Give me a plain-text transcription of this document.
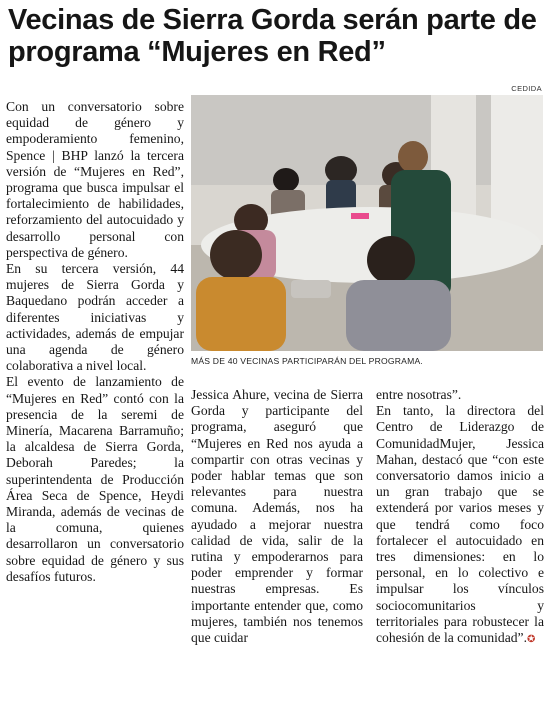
Vecinas de Sierra Gorda serán parte de programa “Mujeres en Red”
CEDIDA

Con un conversatorio sobre equidad de género y empoderamiento femenino, Spence | BHP lanzó la tercera versión de “Mujeres en Red”, programa que busca impulsar el fortalecimiento de habilidades, reforzamiento del autocuidado y desarrollo personal con perspectiva de género.

En su tercera versión, 44 mujeres de Sierra Gorda y Baquedano podrán acceder a diferentes iniciativas y actividades, además de empujar una agenda de género colaborativa a nivel local.

El evento de lanzamiento de “Mujeres en Red” contó con la presencia de la seremi de Minería, Macarena Barramuño; la alcaldesa de Sierra Gorda, Deborah Paredes; la superintendenta de Producción Área Seca de Spence, Heydi Miranda, además de vecinas de la comuna, quienes desarrollaron un conversatorio sobre equidad de género y sus desafíos futuros.

MÁS DE 40 VECINAS PARTICIPARÁN DEL PROGRAMA.

Jessica Ahure, vecina de Sierra Gorda y participante del programa, aseguró que “Mujeres en Red nos ayuda a compartir con otras vecinas y poder hablar temas que son relevantes para nuestra comuna. Además, nos ha ayudado a mejorar nuestra calidad de vida, salir de la rutina y empoderarnos para poder emprender y formar nuestras empresas. Es importante entender que, como mujeres, también nos tenemos que cuidar

entre nosotras”.

En tanto, la directora del Centro de Liderazgo de ComunidadMujer, Jessica Mahan, destacó que “con este conversatorio damos inicio a un gran trabajo que se extenderá por varios meses y que tendrá como foco fortalecer el autocuidado en tres dimensiones: en lo personal, en lo colectivo e impulsar los vínculos sociocomunitarios y territoriales para robustecer la cohesión de la comunidad”.✪
